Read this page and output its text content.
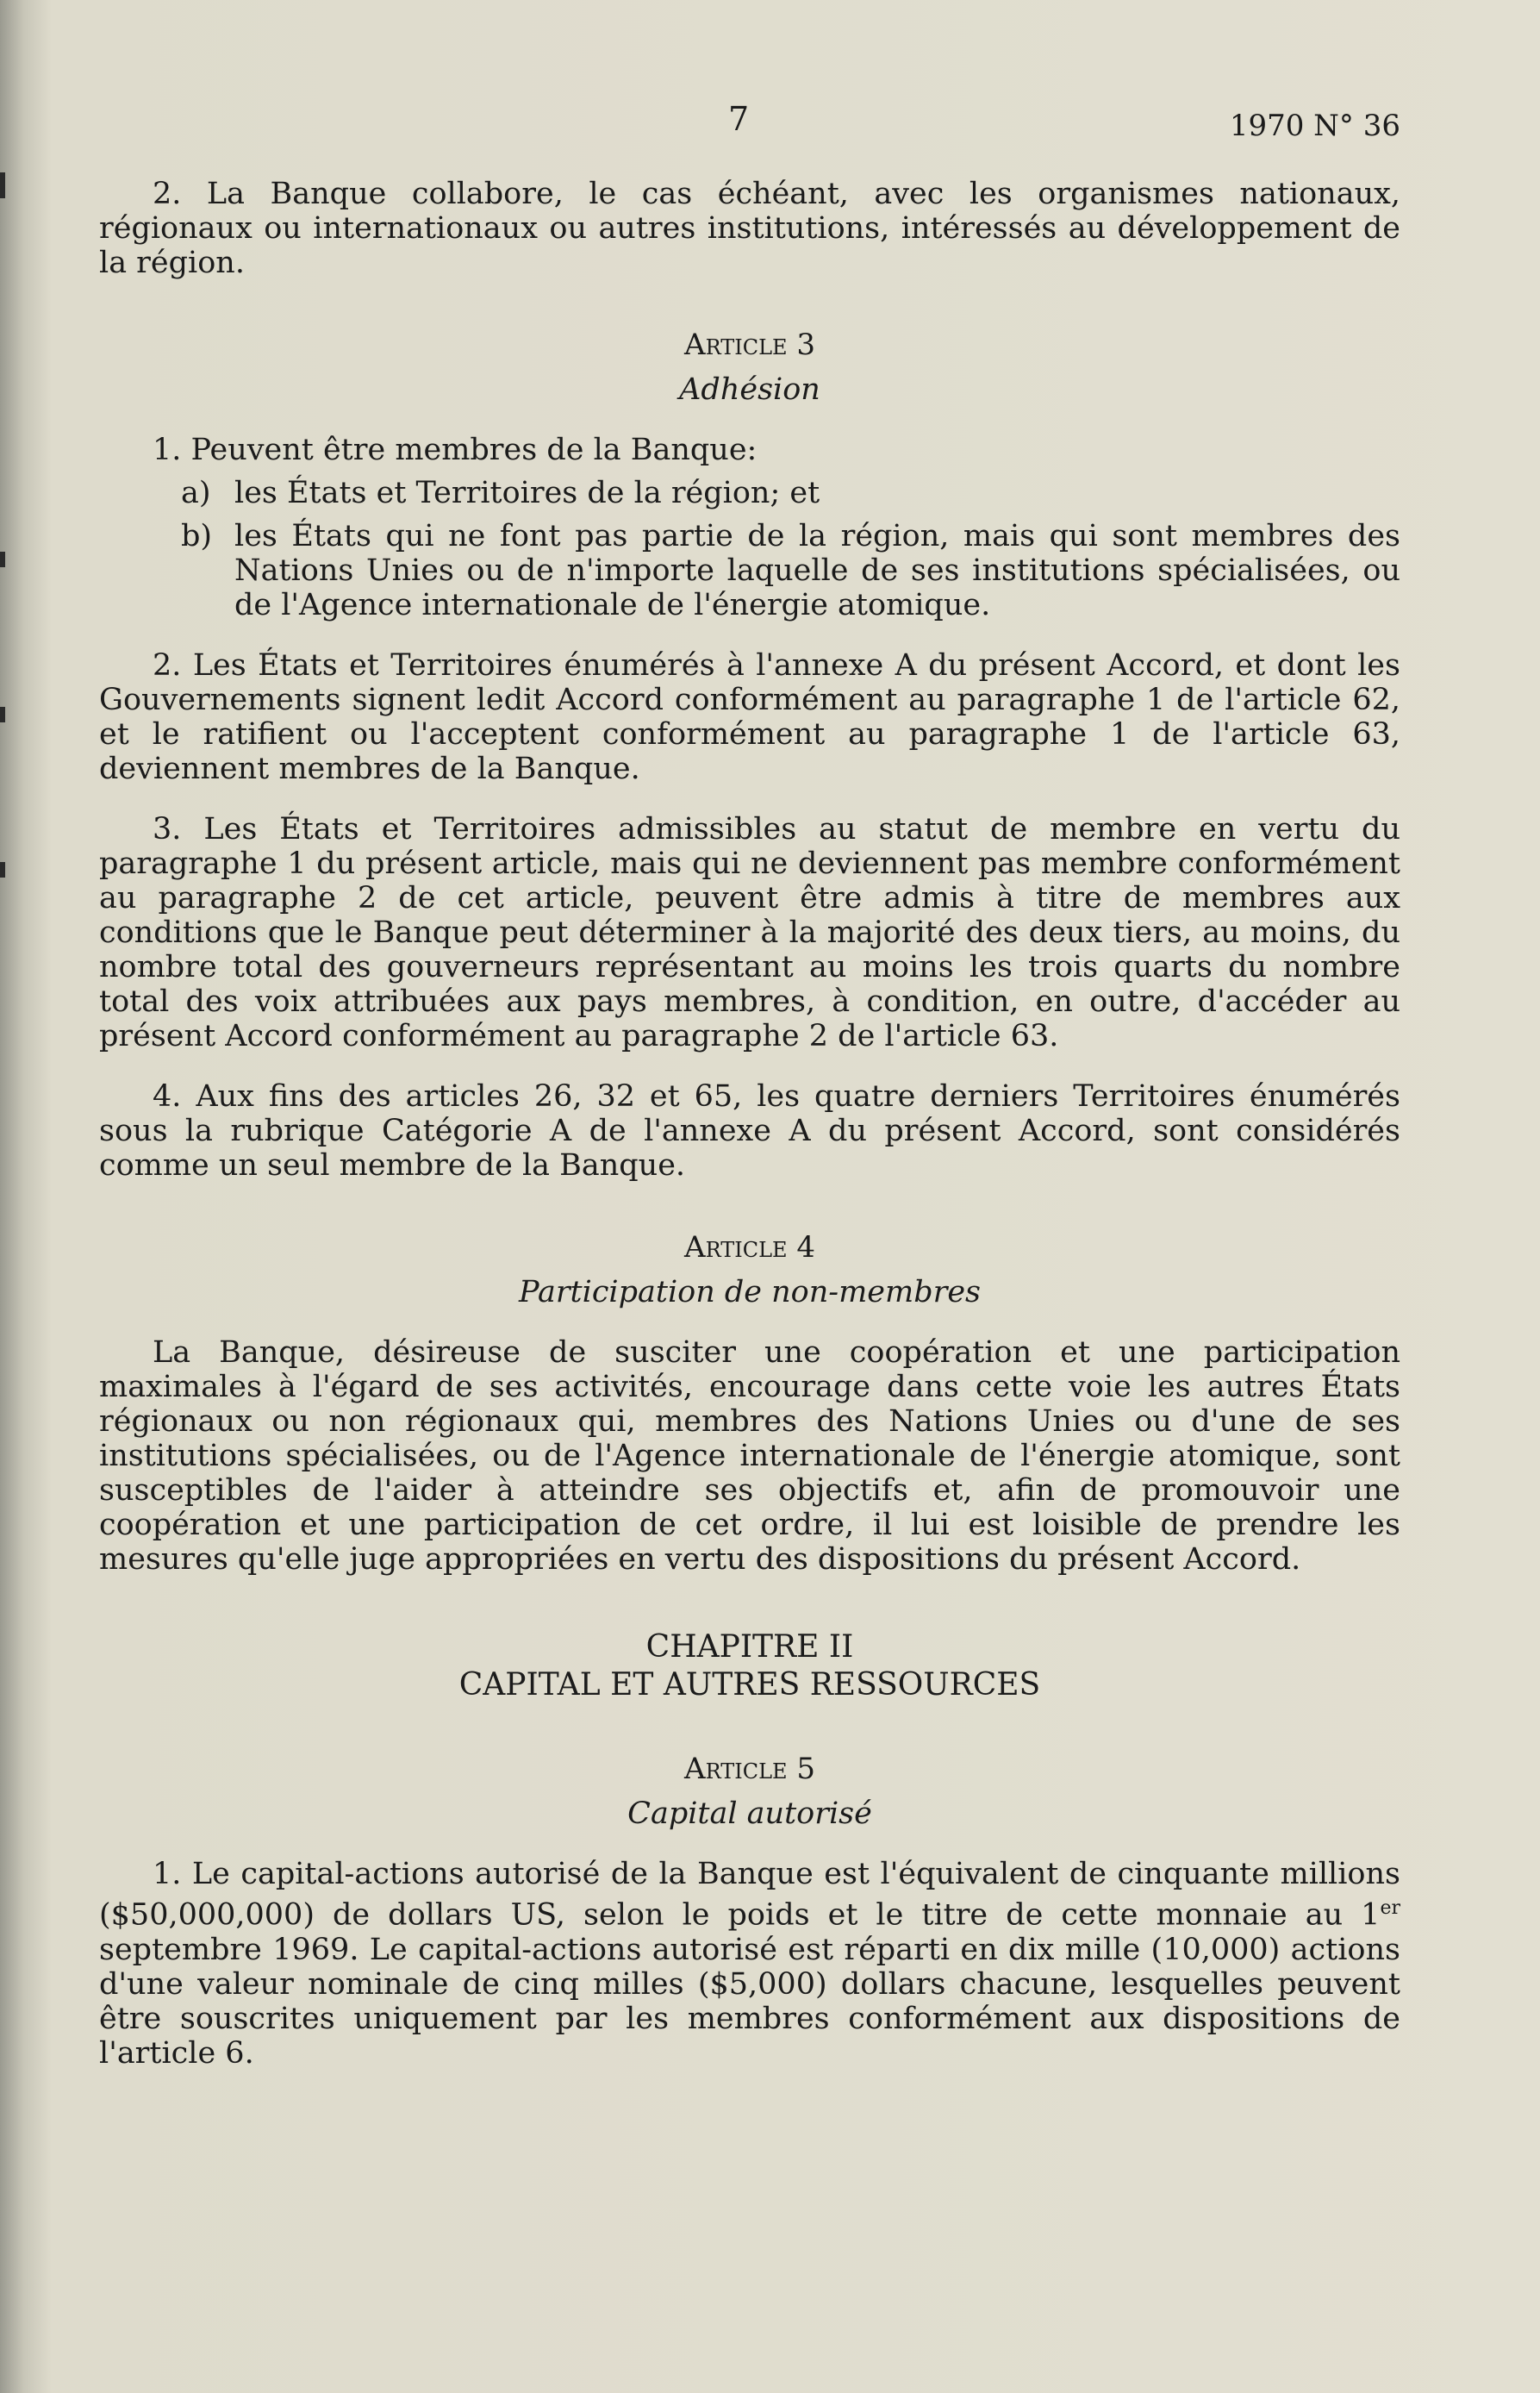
7	1970 N° 36

2. La Banque collabore, le cas échéant, avec les organismes nationaux, régionaux ou internationaux ou autres institutions, intéressés au développement de la région.

Article 3

Adhésion

1. Peuvent être membres de la Banque:

a) les États et Territoires de la région; et
b) les États qui ne font pas partie de la région, mais qui sont membres des Nations Unies ou de n'importe laquelle de ses institutions spécialisées, ou de l'Agence internationale de l'énergie atomique.

2. Les États et Territoires énumérés à l'annexe A du présent Accord, et dont les Gouvernements signent ledit Accord conformément au paragraphe 1 de l'article 62, et le ratifient ou l'acceptent conformément au paragraphe 1 de l'article 63, deviennent membres de la Banque.

3. Les États et Territoires admissibles au statut de membre en vertu du paragraphe 1 du présent article, mais qui ne deviennent pas membre conformément au paragraphe 2 de cet article, peuvent être admis à titre de membres aux conditions que le Banque peut déterminer à la majorité des deux tiers, au moins, du nombre total des gouverneurs représentant au moins les trois quarts du nombre total des voix attribuées aux pays membres, à condition, en outre, d'accéder au présent Accord conformément au paragraphe 2 de l'article 63.

4. Aux fins des articles 26, 32 et 65, les quatre derniers Territoires énumérés sous la rubrique Catégorie A de l'annexe A du présent Accord, sont considérés comme un seul membre de la Banque.

Article 4

Participation de non-membres

La Banque, désireuse de susciter une coopération et une participation maximales à l'égard de ses activités, encourage dans cette voie les autres États régionaux ou non régionaux qui, membres des Nations Unies ou d'une de ses institutions spécialisées, ou de l'Agence internationale de l'énergie atomique, sont susceptibles de l'aider à atteindre ses objectifs et, afin de promouvoir une coopération et une participation de cet ordre, il lui est loisible de prendre les mesures qu'elle juge appropriées en vertu des dispositions du présent Accord.

CHAPITRE II

CAPITAL ET AUTRES RESSOURCES

Article 5

Capital autorisé

1. Le capital-actions autorisé de la Banque est l'équivalent de cinquante millions ($50,000,000) de dollars US, selon le poids et le titre de cette monnaie au 1er septembre 1969. Le capital-actions autorisé est réparti en dix mille (10,000) actions d'une valeur nominale de cinq milles ($5,000) dollars chacune, lesquelles peuvent être souscrites uniquement par les membres conformément aux dispositions de l'article 6.
